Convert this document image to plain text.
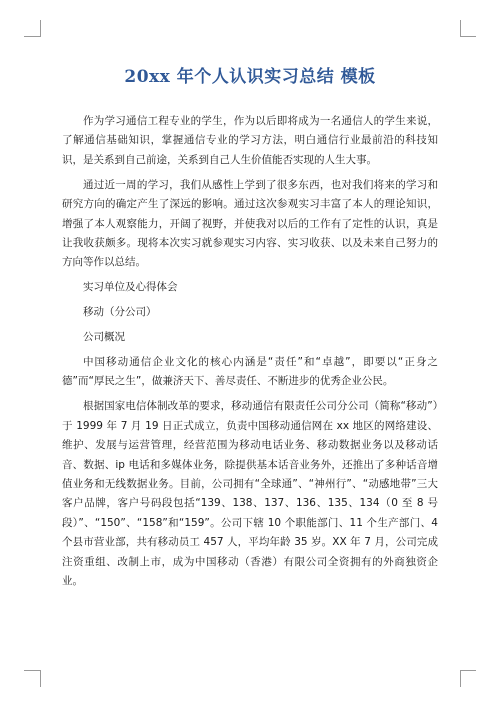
20xx 年个人认识实习总结 模板

作为学习通信工程专业的学生，作为以后即将成为一名通信人的学生来说，了解通信基础知识，掌握通信专业的学习方法，明白通信行业最前沿的科技知识，是关系到自己前途，关系到自己人生价值能否实现的人生大事。

通过近一周的学习，我们从感性上学到了很多东西，也对我们将来的学习和研究方向的确定产生了深远的影响。通过这次参观实习丰富了本人的理论知识，增强了本人观察能力，开阔了视野，并使我对以后的工作有了定性的认识，真是让我收获颇多。现将本次实习就参观实习内容、实习收获、以及未来自己努力的方向等作以总结。

实习单位及心得体会

移动（分公司）

公司概况

中国移动通信企业文化的核心内涵是“责任”和“卓越”，即要以“正身之德”而“厚民之生”，做兼济天下、善尽责任、不断进步的优秀企业公民。

根据国家电信体制改革的要求，移动通信有限责任公司分公司（简称“移动”）于 1999 年 7 月 19 日正式成立，负责中国移动通信网在 xx 地区的网络建设、维护、发展与运营管理，经营范围为移动电话业务、移动数据业务以及移动话音、数据、ip 电话和多媒体业务，除提供基本话音业务外，还推出了多种话音增值业务和无线数据业务。目前，公司拥有“全球通”、“神州行”、“动感地带”三大客户品牌，客户号码段包括“139、138、137、136、135、134（0 至 8 号段）”、“150”、“158”和“159”。公司下辖 10 个职能部门、11 个生产部门、4 个县市营业部，共有移动员工 457 人，平均年龄 35 岁。XX 年 7 月，公司完成注资重组、改制上市，成为中国移动（香港）有限公司全资拥有的外商独资企业。
